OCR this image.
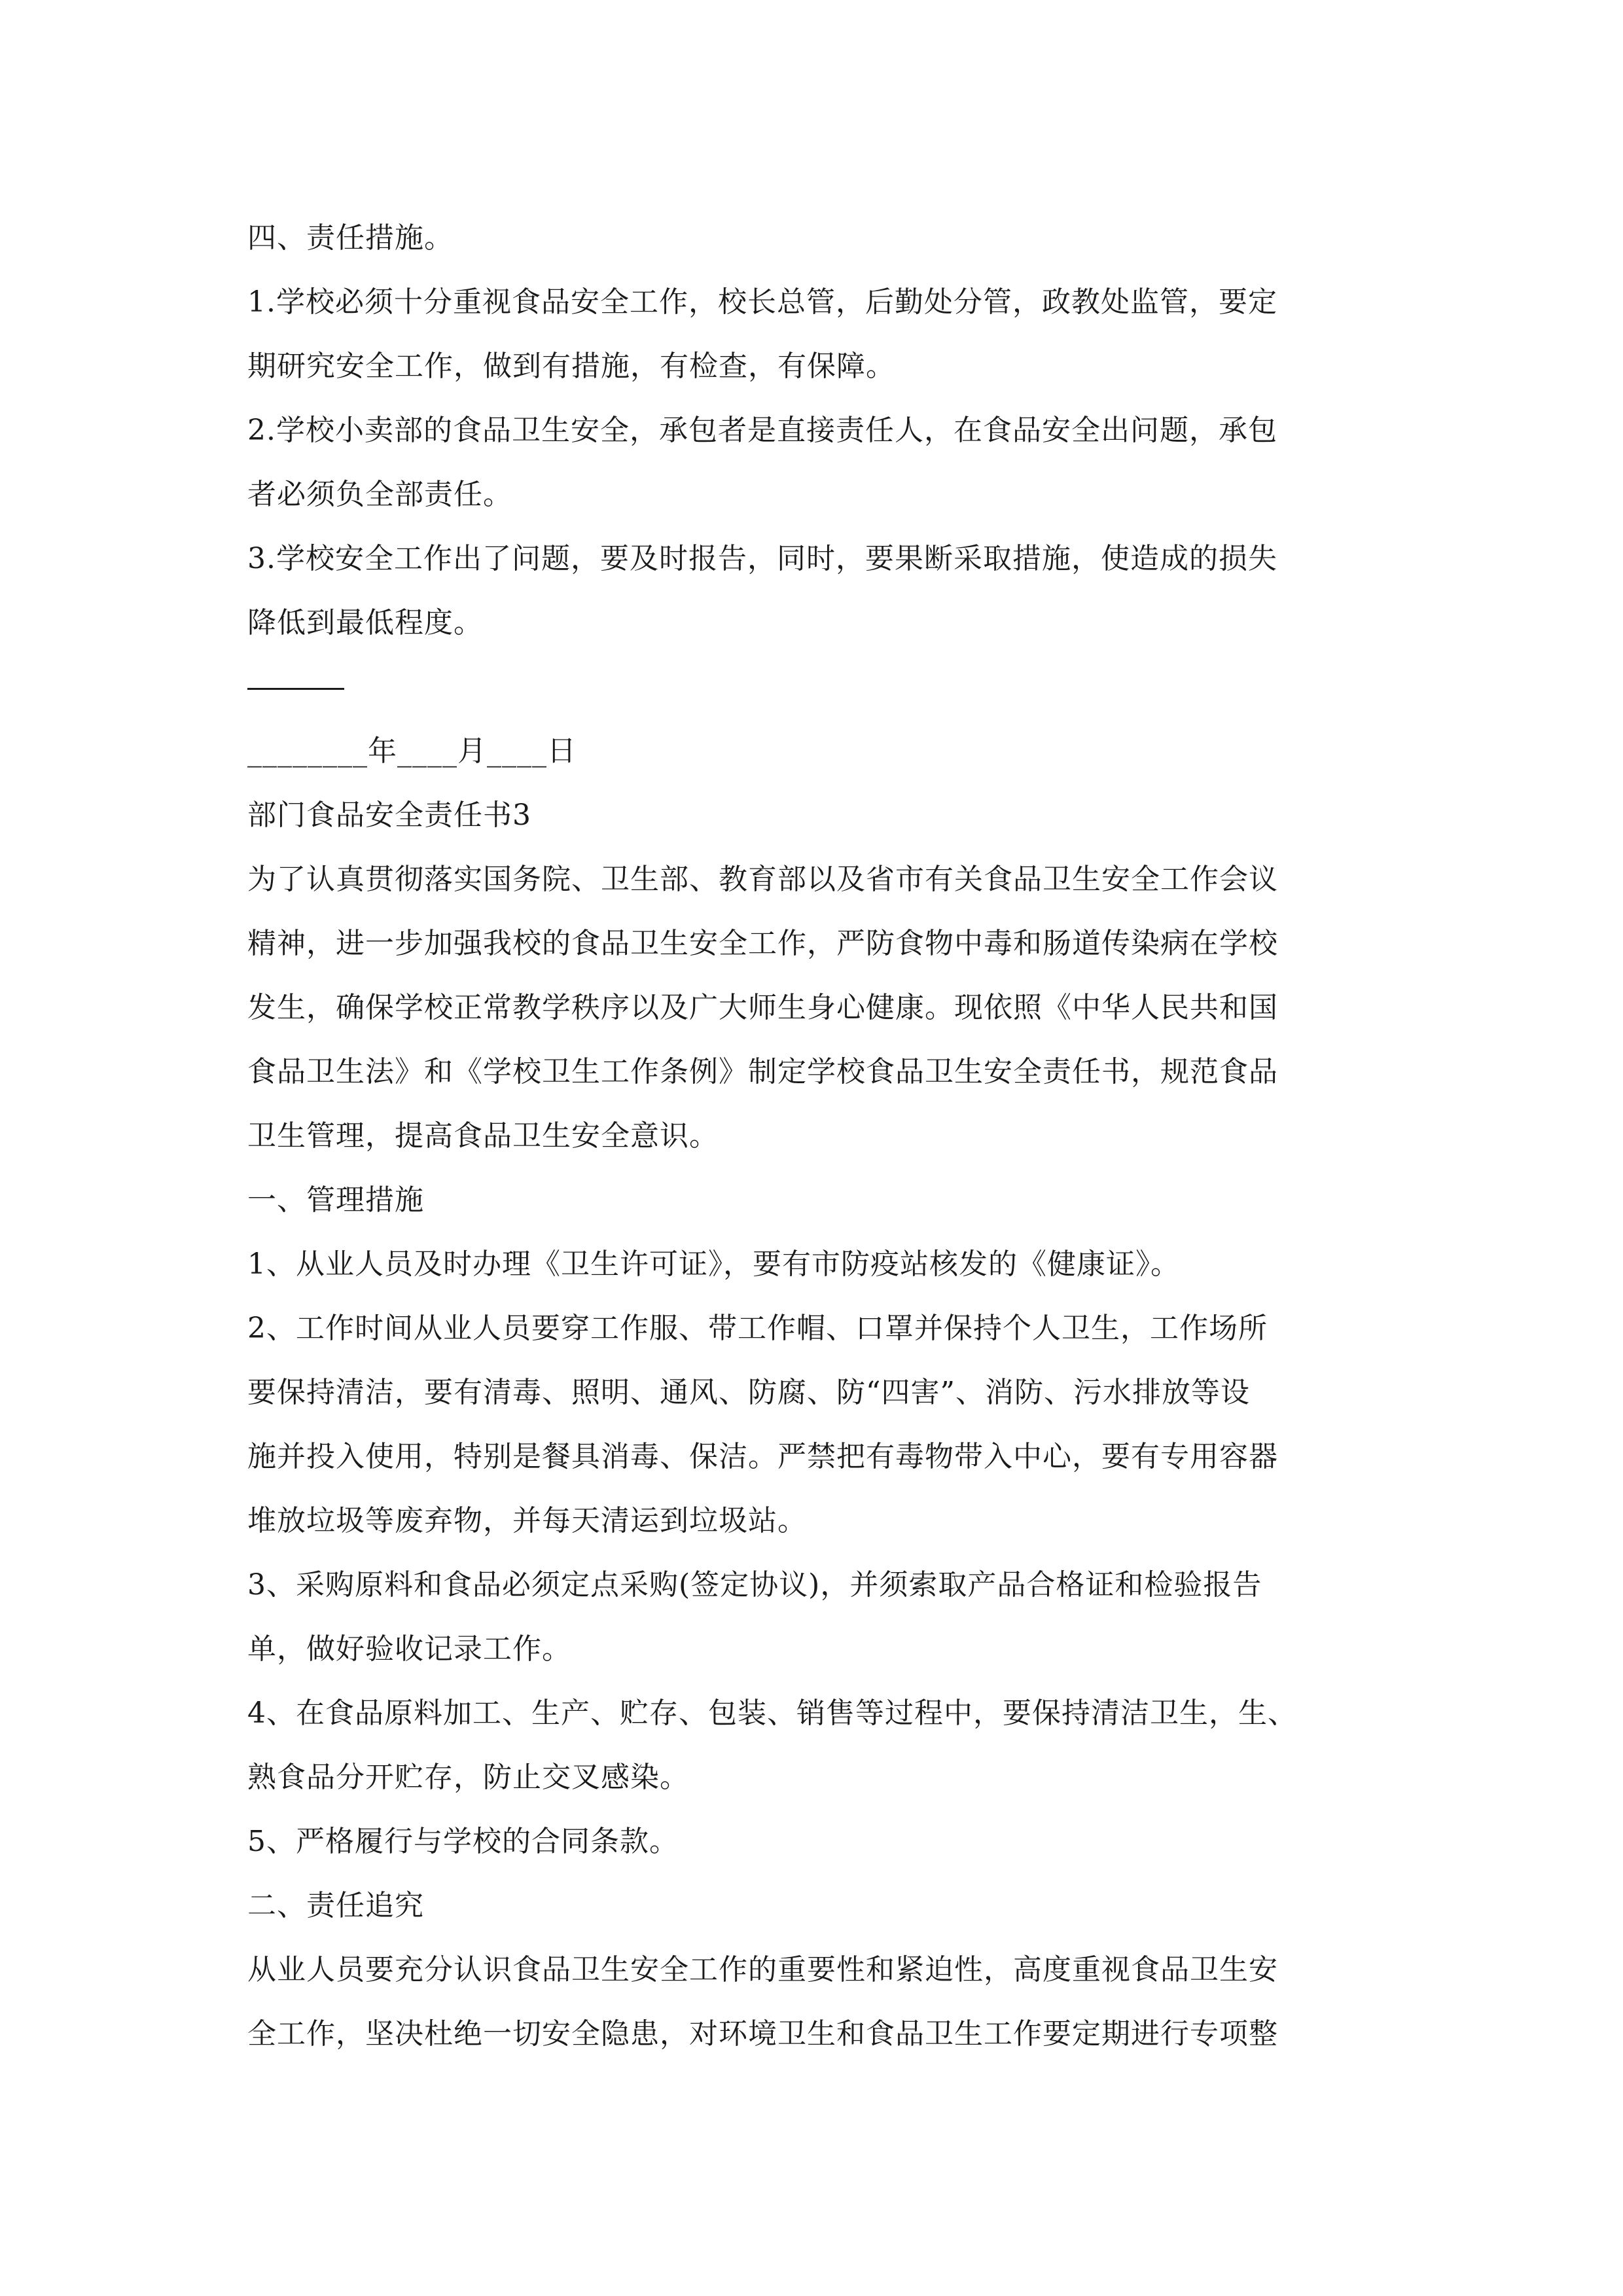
四、责任措施。
1.学校必须十分重视食品安全工作，校长总管，后勤处分管，政教处监管，要定
期研究安全工作，做到有措施，有检查，有保障。
2.学校小卖部的食品卫生安全，承包者是直接责任人，在食品安全出问题，承包
者必须负全部责任。
3.学校安全工作出了问题，要及时报告，同时，要果断采取措施，使造成的损失
降低到最低程度。
________年____月____日
部门食品安全责任书3
为了认真贯彻落实国务院、卫生部、教育部以及省市有关食品卫生安全工作会议
精神，进一步加强我校的食品卫生安全工作，严防食物中毒和肠道传染病在学校
发生，确保学校正常教学秩序以及广大师生身心健康。现依照《中华人民共和国
食品卫生法》和《学校卫生工作条例》制定学校食品卫生安全责任书，规范食品
卫生管理，提高食品卫生安全意识。
一、管理措施
1、从业人员及时办理《卫生许可证》，要有市防疫站核发的《健康证》。
2、工作时间从业人员要穿工作服、带工作帽、口罩并保持个人卫生，工作场所
要保持清洁，要有清毒、照明、通风、防腐、防“四害”、消防、污水排放等设
施并投入使用，特别是餐具消毒、保洁。严禁把有毒物带入中心，要有专用容器
堆放垃圾等废弃物，并每天清运到垃圾站。
3、采购原料和食品必须定点采购(签定协议)，并须索取产品合格证和检验报告
单，做好验收记录工作。
4、在食品原料加工、生产、贮存、包装、销售等过程中，要保持清洁卫生，生、
熟食品分开贮存，防止交叉感染。
5、严格履行与学校的合同条款。
二、责任追究
从业人员要充分认识食品卫生安全工作的重要性和紧迫性，高度重视食品卫生安
全工作，坚决杜绝一切安全隐患，对环境卫生和食品卫生工作要定期进行专项整
